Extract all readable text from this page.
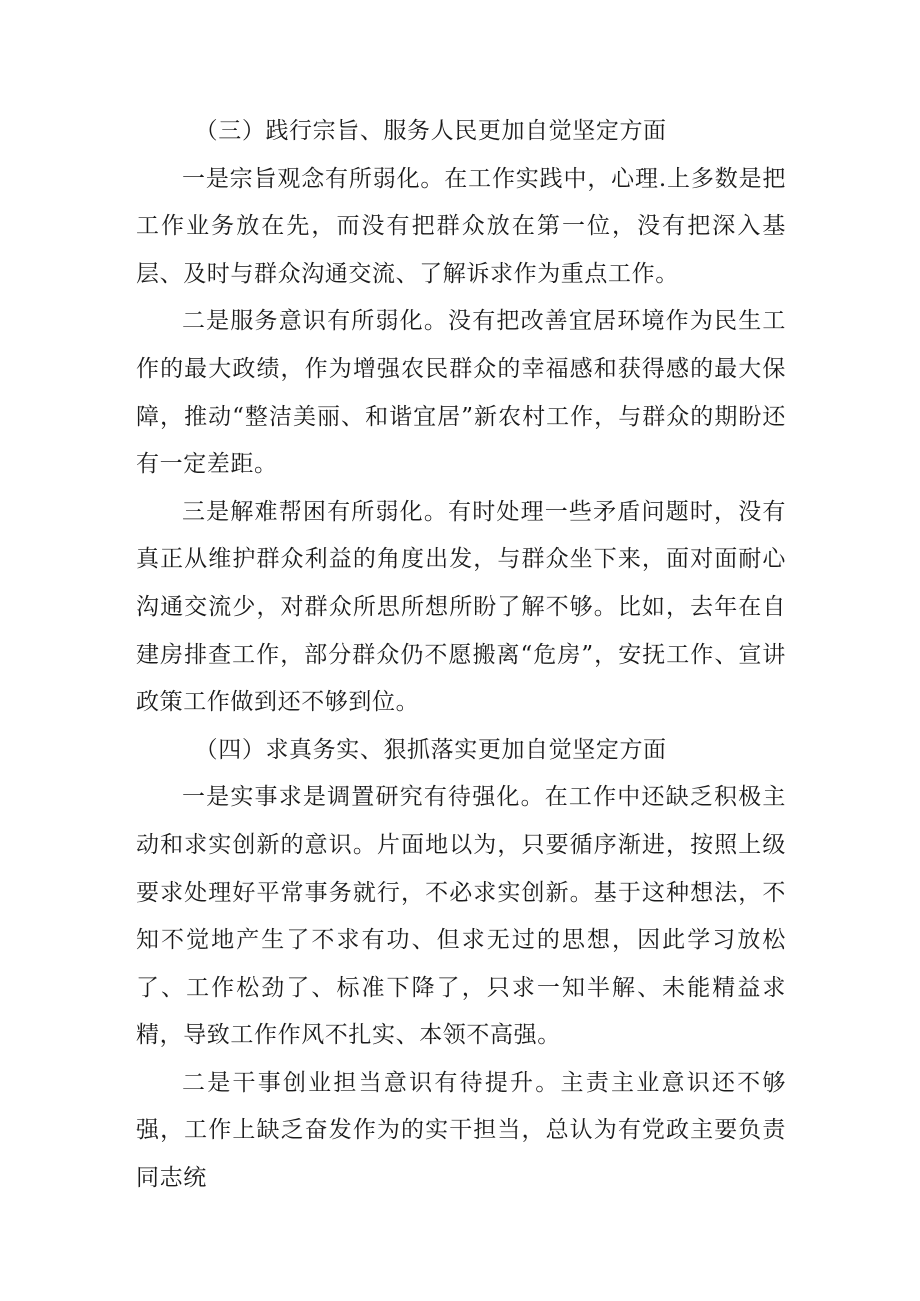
（三）践行宗旨、服务人民更加自觉坚定方面

一是宗旨观念有所弱化。在工作实践中，心理.上多数是把工作业务放在先，而没有把群众放在第一位，没有把深入基层、及时与群众沟通交流、了解诉求作为重点工作。

二是服务意识有所弱化。没有把改善宜居环境作为民生工作的最大政绩，作为增强农民群众的幸福感和获得感的最大保障，推动“整洁美丽、和谐宜居”新农村工作，与群众的期盼还有一定差距。

三是解难帮困有所弱化。有时处理一些矛盾问题时，没有真正从维护群众利益的角度出发，与群众坐下来，面对面耐心沟通交流少，对群众所思所想所盼了解不够。比如，去年在自建房排查工作，部分群众仍不愿搬离“危房”，安抚工作、宣讲政策工作做到还不够到位。

（四）求真务实、狠抓落实更加自觉坚定方面

一是实事求是调置研究有待强化。在工作中还缺乏积极主动和求实创新的意识。片面地以为，只要循序渐进，按照上级要求处理好平常事务就行，不必求实创新。基于这种想法，不知不觉地产生了不求有功、但求无过的思想，因此学习放松了、工作松劲了、标准下降了，只求一知半解、未能精益求精，导致工作作风不扎实、本领不高强。

二是干事创业担当意识有待提升。主责主业意识还不够强，工作上缺乏奋发作为的实干担当，总认为有党政主要负责同志统
